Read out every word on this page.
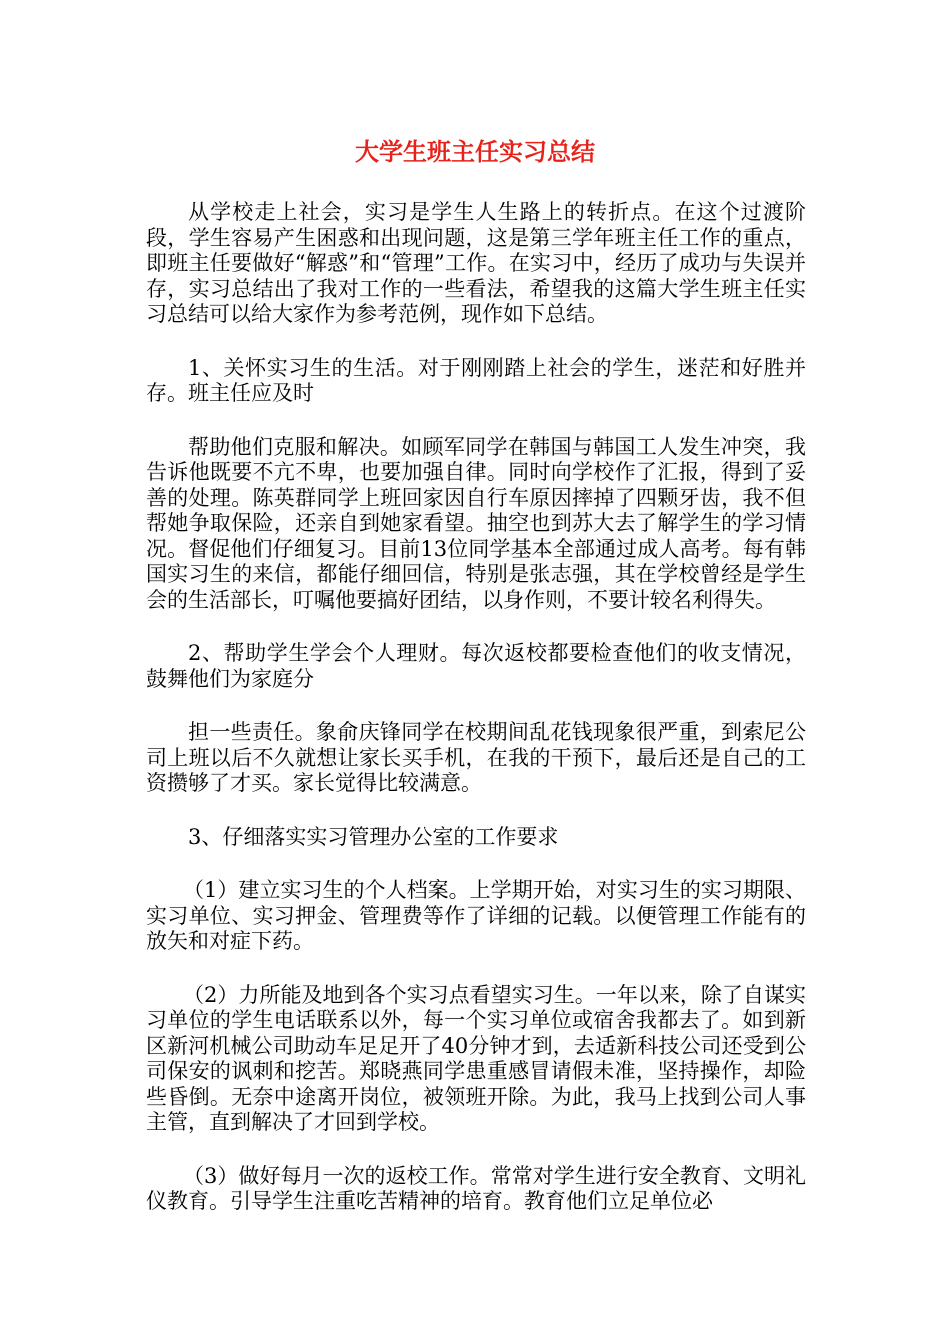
大学生班主任实习总结

从学校走上社会，实习是学生人生路上的转折点。在这个过渡阶段，学生容易产生困惑和出现问题，这是第三学年班主任工作的重点，即班主任要做好“解惑”和“管理”工作。在实习中，经历了成功与失误并存，实习总结出了我对工作的一些看法，希望我的这篇大学生班主任实习总结可以给大家作为参考范例，现作如下总结。

1、关怀实习生的生活。对于刚刚踏上社会的学生，迷茫和好胜并存。班主任应及时

帮助他们克服和解决。如顾军同学在韩国与韩国工人发生冲突，我告诉他既要不亢不卑，也要加强自律。同时向学校作了汇报，得到了妥善的处理。陈英群同学上班回家因自行车原因摔掉了四颗牙齿，我不但帮她争取保险，还亲自到她家看望。抽空也到苏大去了解学生的学习情况。督促他们仔细复习。目前13位同学基本全部通过成人高考。每有韩国实习生的来信，都能仔细回信，特别是张志强，其在学校曾经是学生会的生活部长，叮嘱他要搞好团结，以身作则，不要计较名利得失。

2、帮助学生学会个人理财。每次返校都要检查他们的收支情况，鼓舞他们为家庭分

担一些责任。象俞庆锋同学在校期间乱花钱现象很严重，到索尼公司上班以后不久就想让家长买手机，在我的干预下，最后还是自己的工资攒够了才买。家长觉得比较满意。

3、仔细落实实习管理办公室的工作要求

（1）建立实习生的个人档案。上学期开始，对实习生的实习期限、实习单位、实习押金、管理费等作了详细的记载。以便管理工作能有的放矢和对症下药。

（2）力所能及地到各个实习点看望实习生。一年以来，除了自谋实习单位的学生电话联系以外，每一个实习单位或宿舍我都去了。如到新区新河机械公司助动车足足开了40分钟才到，去适新科技公司还受到公司保安的讽刺和挖苦。郑晓燕同学患重感冒请假未准，坚持操作，却险些昏倒。无奈中途离开岗位，被领班开除。为此，我马上找到公司人事主管，直到解决了才回到学校。

（3）做好每月一次的返校工作。常常对学生进行安全教育、文明礼仪教育。引导学生注重吃苦精神的培育。教育他们立足单位必
